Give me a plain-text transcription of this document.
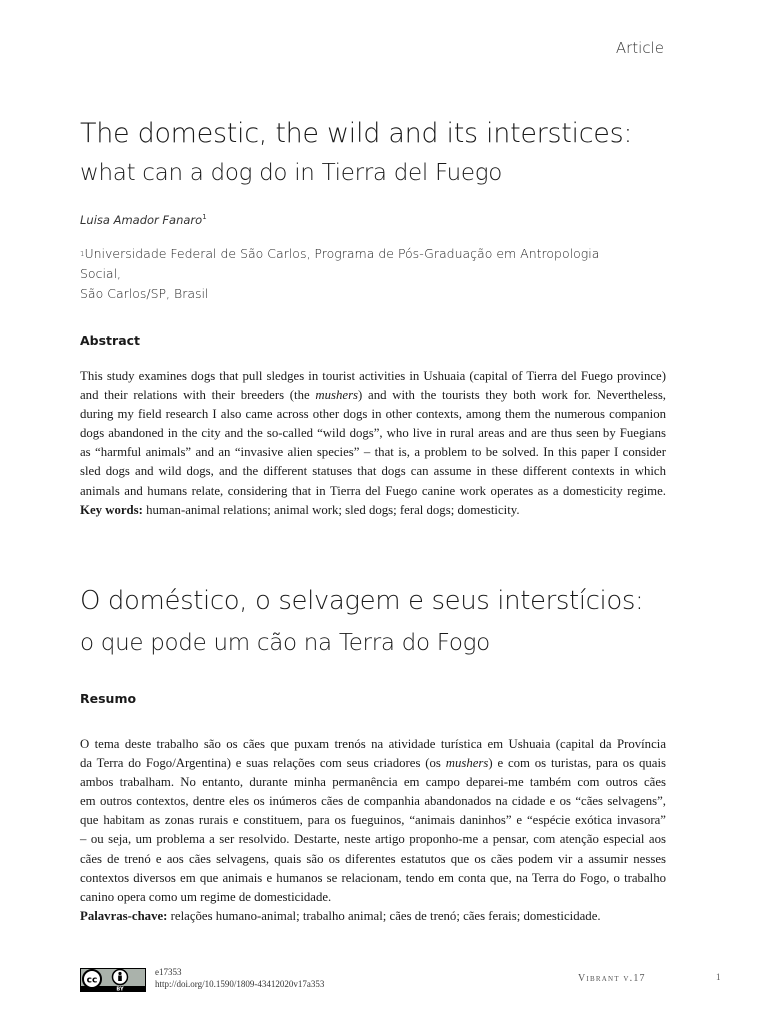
Article
The domestic, the wild and its interstices:
what can a dog do in Tierra del Fuego
Luisa Amador Fanaro$^1$
$^1$Universidade Federal de São Carlos, Programa de Pós-Graduação em Antropologia Social,
São Carlos/SP, Brasil
Abstract
This study examines dogs that pull sledges in tourist activities in Ushuaia (capital of Tierra del Fuego province)
and their relations with their breeders (the mushers) and with the tourists they both work for. Nevertheless,
during my field research I also came across other dogs in other contexts, among them the numerous companion
dogs abandoned in the city and the so-called “wild dogs”, who live in rural areas and are thus seen by Fuegians
as “harmful animals” and an “invasive alien species” – that is, a problem to be solved. In this paper I consider
sled dogs and wild dogs, and the different statuses that dogs can assume in these different contexts in which
animals and humans relate, considering that in Tierra del Fuego canine work operates as a domesticity regime.
Key words: human-animal relations; animal work; sled dogs; feral dogs; domesticity.
O doméstico, o selvagem e seus interstícios:
o que pode um cão na Terra do Fogo
Resumo
O tema deste trabalho são os cães que puxam trenós na atividade turística em Ushuaia (capital da Província
da Terra do Fogo/Argentina) e suas relações com seus criadores (os mushers) e com os turistas, para os quais
ambos trabalham. No entanto, durante minha permanência em campo deparei-me também com outros cães
em outros contextos, dentre eles os inúmeros cães de companhia abandonados na cidade e os “cães selvagens”,
que habitam as zonas rurais e constituem, para os fueguinos, “animais daninhos” e “espécie exótica invasora”
– ou seja, um problema a ser resolvido. Destarte, neste artigo proponho-me a pensar, com atenção especial aos
cães de trenó e aos cães selvagens, quais são os diferentes estatutos que os cães podem vir a assumir nesses
contextos diversos em que animais e humanos se relacionam, tendo em conta que, na Terra do Fogo, o trabalho
canino opera como um regime de domesticidade.
Palavras-chave: relações humano-animal; trabalho animal; cães de trenó; cães ferais; domesticidade.
cc
BY
e17353
http://doi.org/10.1590/1809-43412020v17a353	Vibrant v.17	1
